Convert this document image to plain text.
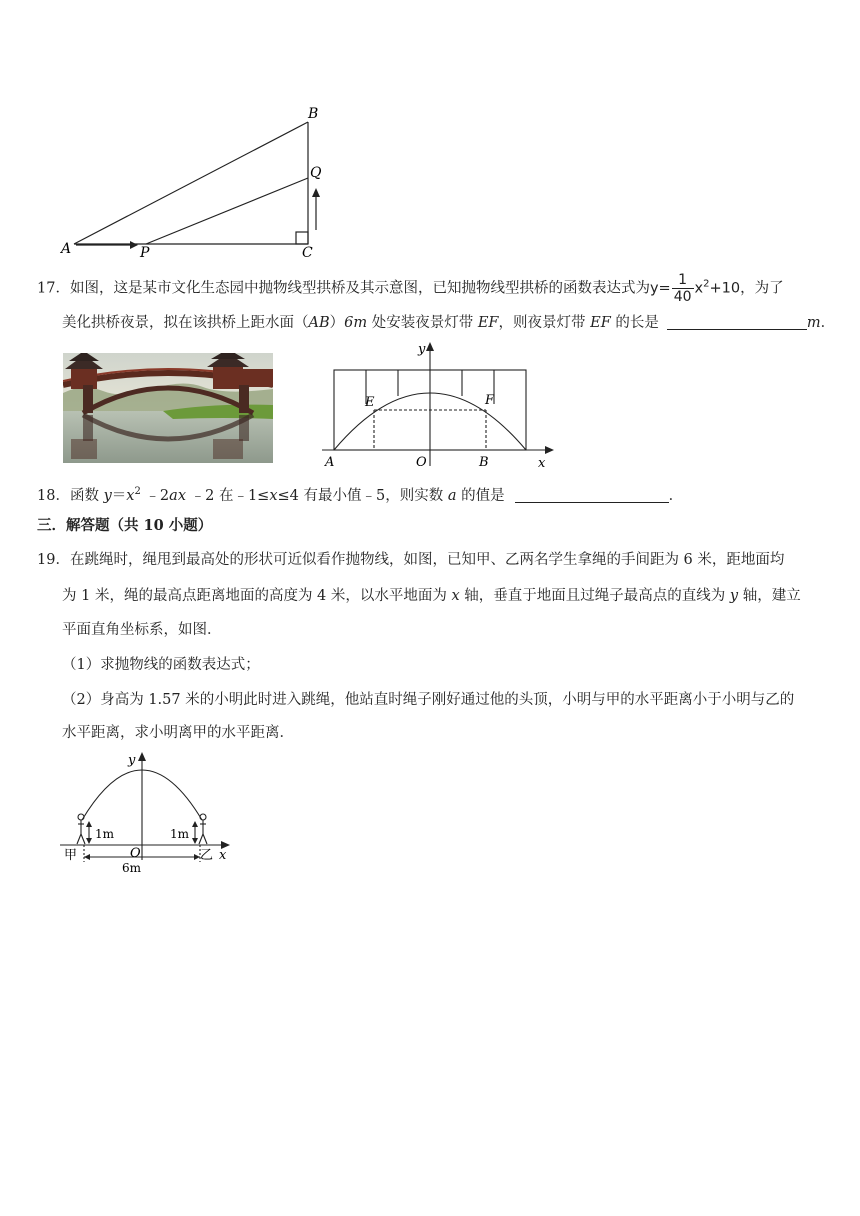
A	P	C
Q
B
17．如图，这是某市文化生态园中抛物线型拱桥及其示意图，已知抛物线型拱桥的函数表达式为$y= \frac{1}{40} x^2+10$，为了
美化拱桥夜景，拟在该拱桥上距水面（AB）6m 处安装夜景灯带 EF，则夜景灯带 EF 的长是	m．
y
x
A	O	B
E	F
18．函数 $y=x^2$ ﹣2ax ﹣2 在﹣1≤x≤4 有最小值﹣5，则实数 a 的值是	．
三．解答题（共 10 小题）
19．在跳绳时，绳甩到最高处的形状可近似看作抛物线，如图，已知甲、乙两名学生拿绳的手间距为 6 米，距地面均
为 1 米，绳的最高点距离地面的高度为 4 米，以水平地面为 x 轴，垂直于地面且过绳子最高点的直线为 y 轴，建立
平面直角坐标系，如图．
（1）求抛物线的函数表达式；
（2）身高为 1.57 米的小明此时进入跳绳，他站直时绳子刚好通过他的头顶，小明与甲的水平距离小于小明与乙的
水平距离，求小明离甲的水平距离．
y
x
O
甲	乙
1m	1m
6m
